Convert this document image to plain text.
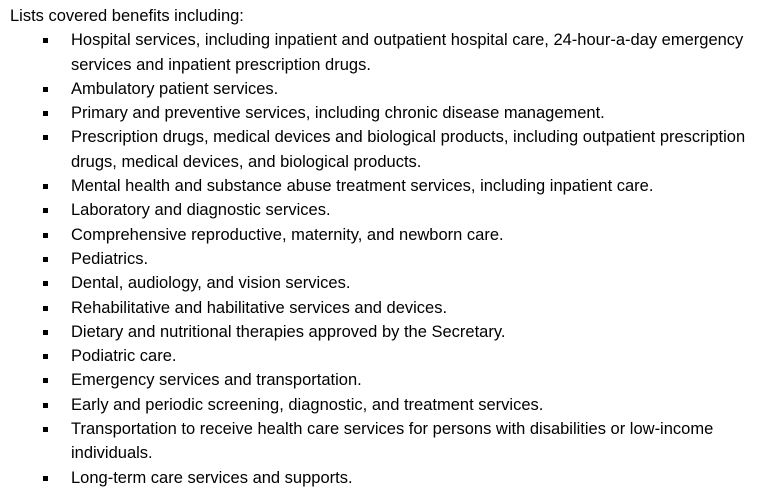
Lists covered benefits including:

Hospital services, including inpatient and outpatient hospital care, 24-hour-a-day emergency services and inpatient prescription drugs.
Ambulatory patient services.
Primary and preventive services, including chronic disease management.
Prescription drugs, medical devices and biological products, including outpatient prescription drugs, medical devices, and biological products.
Mental health and substance abuse treatment services, including inpatient care.
Laboratory and diagnostic services.
Comprehensive reproductive, maternity, and newborn care.
Pediatrics.
Dental, audiology, and vision services.
Rehabilitative and habilitative services and devices.
Dietary and nutritional therapies approved by the Secretary.
Podiatric care.
Emergency services and transportation.
Early and periodic screening, diagnostic, and treatment services.
Transportation to receive health care services for persons with disabilities or low-income individuals.
Long-term care services and supports.
